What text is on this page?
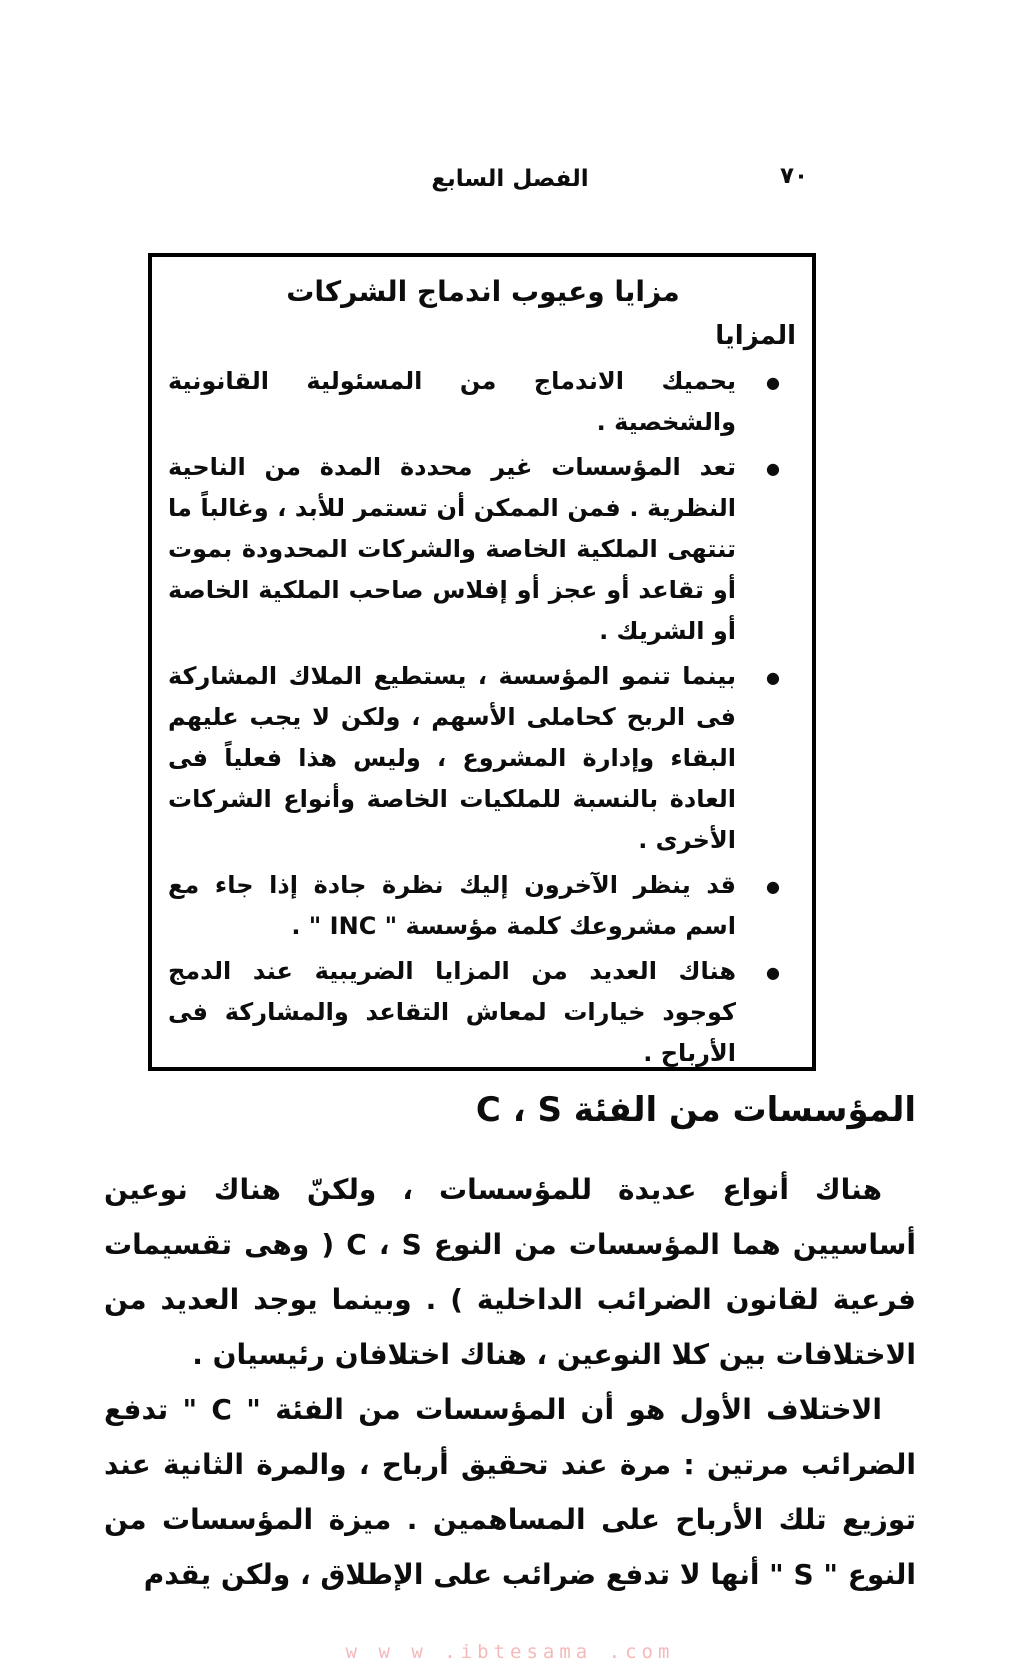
الفصل السابع	٧٠
مزايا وعيوب اندماج الشركات
المزايا
●
يحميك الاندماج من المسئولية القانونية والشخصية .
●
تعد المؤسسات غير محددة المدة من الناحية النظرية . فمن الممكن أن تستمر للأبد ، وغالباً ما تنتهى الملكية الخاصة والشركات المحدودة بموت أو تقاعد أو عجز أو إفلاس صاحب الملكية الخاصة أو الشريك .
●
بينما تنمو المؤسسة ، يستطيع الملاك المشاركة فى الربح كحاملى الأسهم ، ولكن لا يجب عليهم البقاء وإدارة المشروع ، وليس هذا فعلياً فى العادة بالنسبة للملكيات الخاصة وأنواع الشركات الأخرى .
●
قد ينظر الآخرون إليك نظرة جادة إذا جاء مع اسم مشروعك كلمة مؤسسة " INC " .
●
هناك العديد من المزايا الضريبية عند الدمج كوجود خيارات لمعاش التقاعد والمشاركة فى الأرباح .
المؤسسات من الفئة C ، S

هناك أنواع عديدة للمؤسسات ، ولكنّ هناك نوعين أساسيين هما المؤسسات من النوع C ، S ( وهى تقسيمات فرعية لقانون الضرائب الداخلية ) . وبينما يوجد العديد من الاختلافات بين كلا النوعين ، هناك اختلافان رئيسيان .

الاختلاف الأول هو أن المؤسسات من الفئة " C " تدفع الضرائب مرتين : مرة عند تحقيق أرباح ، والمرة الثانية عند توزيع تلك الأرباح على المساهمين . ميزة المؤسسات من النوع " S " أنها لا تدفع ضرائب على الإطلاق ، ولكن يقدم

w w w .ibtesama .com
